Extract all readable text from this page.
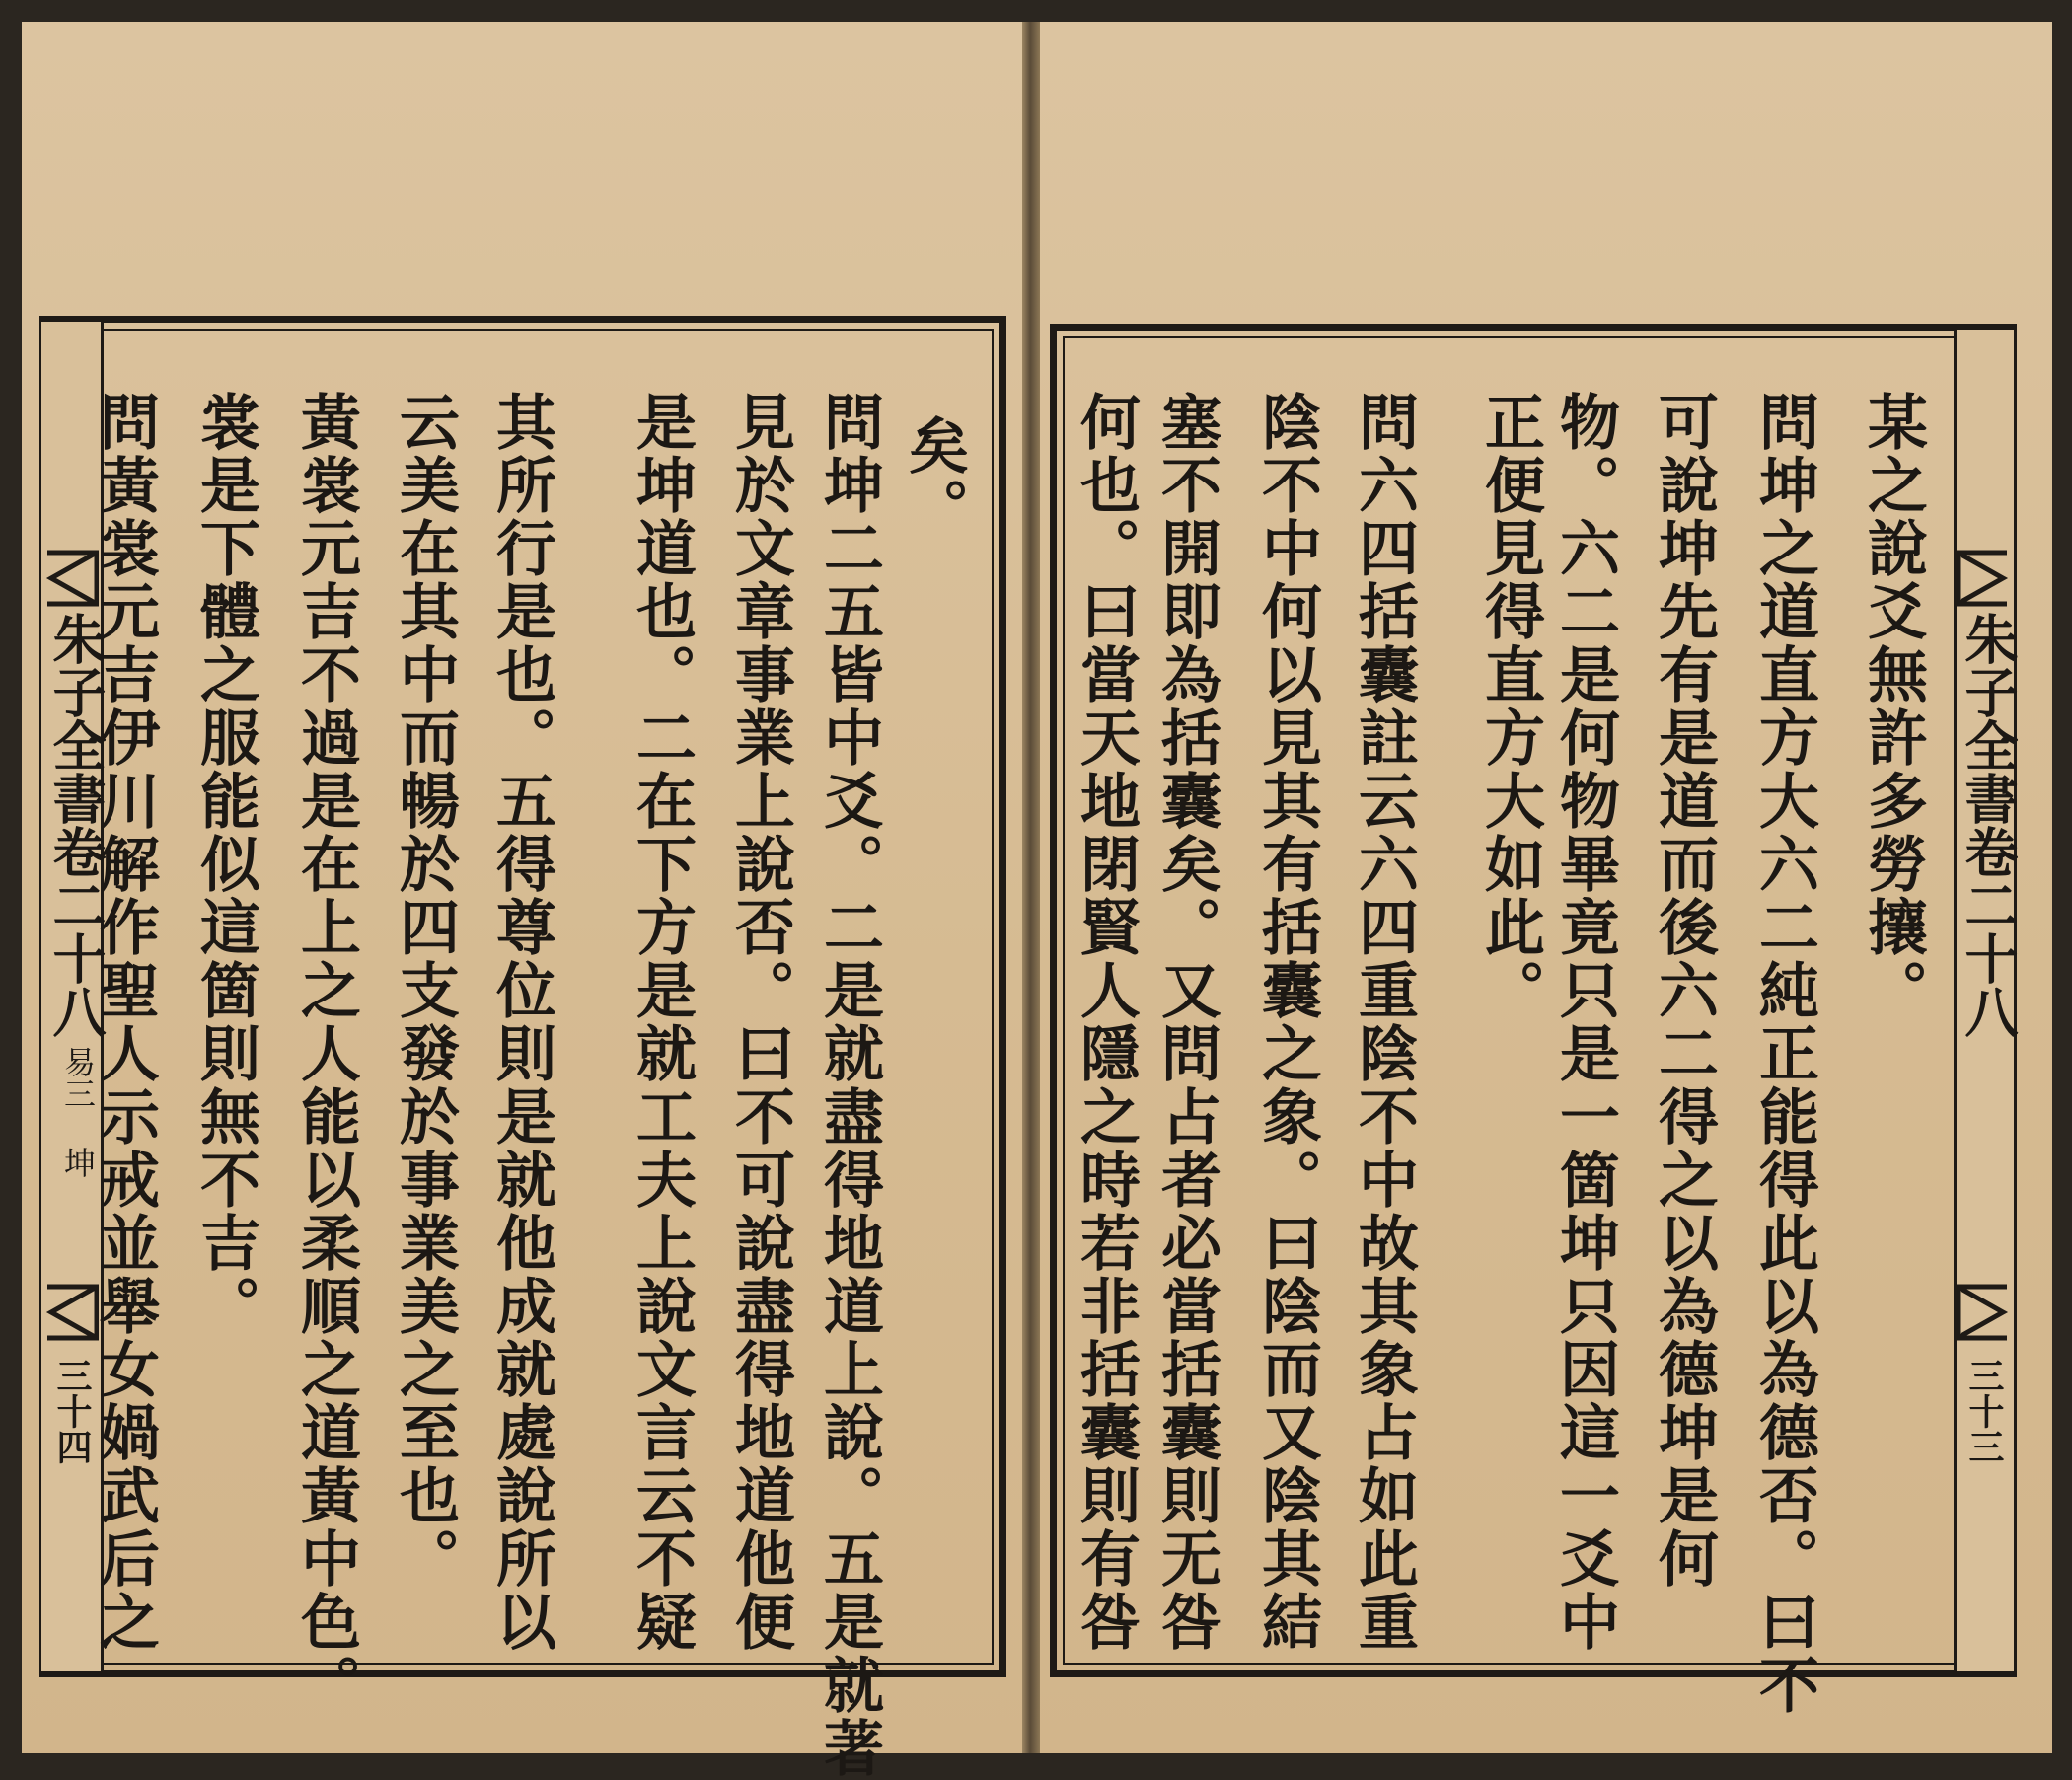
朱子全書卷二十八
易三 坤
三十四
矣。
問坤二五皆中爻。二是就盡得地道上說。五是就著
見於文章事業上說否。曰不可說盡得地道他便
是坤道也。二在下方是就工夫上說文言云不疑
其所行是也。五得尊位則是就他成就處說所以
云美在其中而暢於四支發於事業美之至也。
黃裳元吉不過是在上之人能以柔順之道黃中色。
裳是下體之服能似這箇則無不吉。
問黃裳元吉伊川解作聖人示戒並舉女媧武后之	朱子全書卷二十八
三十三
某之說爻無許多勞攘。
問坤之道直方大六二純正能得此以為德否。曰不
可說坤先有是道而後六二得之以為德坤是何
物。六二是何物畢竟只是一箇坤只因這一爻中
正便見得直方大如此。
問六四括囊註云六四重陰不中故其象占如此重
陰不中何以見其有括囊之象。曰陰而又陰其結
塞不開即為括囊矣。又問占者必當括囊則无咎
何也。曰當天地閉賢人隱之時若非括囊則有咎
